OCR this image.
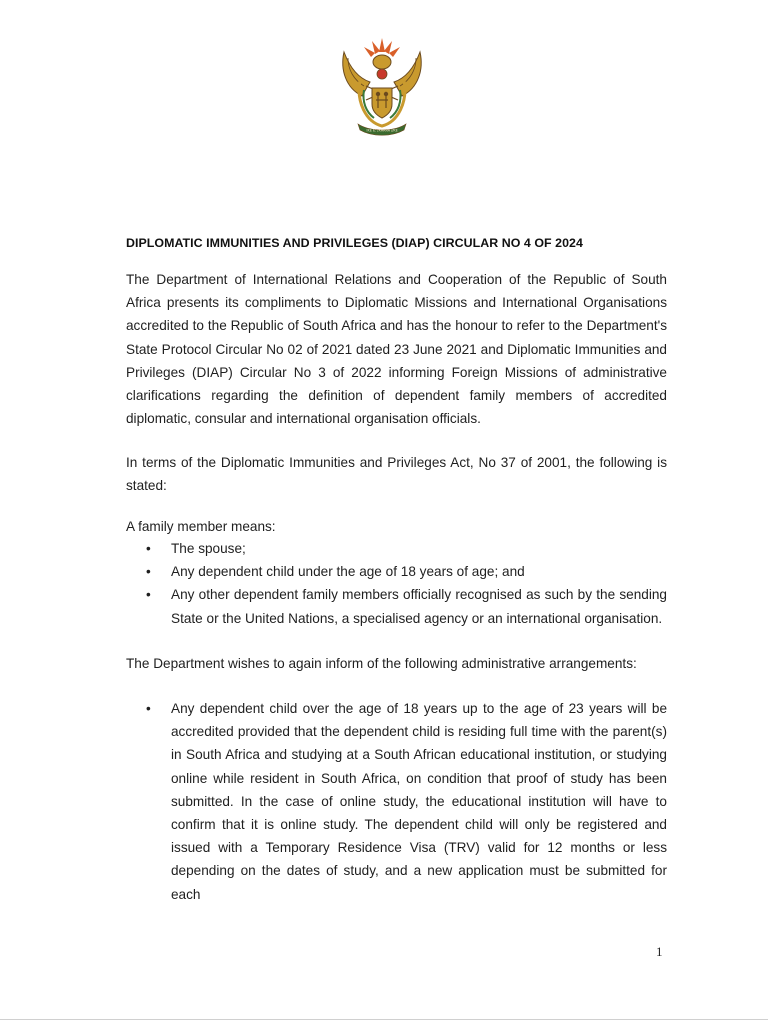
!KE E: /XARRA //KE
DIPLOMATIC IMMUNITIES AND PRIVILEGES (DIAP) CIRCULAR NO 4 OF 2024

The Department of International Relations and Cooperation of the Republic of South Africa presents its compliments to Diplomatic Missions and International Organisations accredited to the Republic of South Africa and has the honour to refer to the Department's State Protocol Circular No 02 of 2021 dated 23 June 2021 and Diplomatic Immunities and Privileges (DIAP) Circular No 3 of 2022 informing Foreign Missions of administrative clarifications regarding the definition of dependent family members of accredited diplomatic, consular and international organisation officials.

In terms of the Diplomatic Immunities and Privileges Act, No 37 of 2001, the following is stated:

A family member means:

• The spouse;
• Any dependent child under the age of 18 years of age; and
• Any other dependent family members officially recognised as such by the sending State or the United Nations, a specialised agency or an international organisation.

The Department wishes to again inform of the following administrative arrangements:

• Any dependent child over the age of 18 years up to the age of 23 years will be accredited provided that the dependent child is residing full time with the parent(s) in South Africa and studying at a South African educational institution, or studying online while resident in South Africa, on condition that proof of study has been submitted. In the case of online study, the educational institution will have to confirm that it is online study. The dependent child will only be registered and issued with a Temporary Residence Visa (TRV) valid for 12 months or less depending on the dates of study, and a new application must be submitted for each
1
